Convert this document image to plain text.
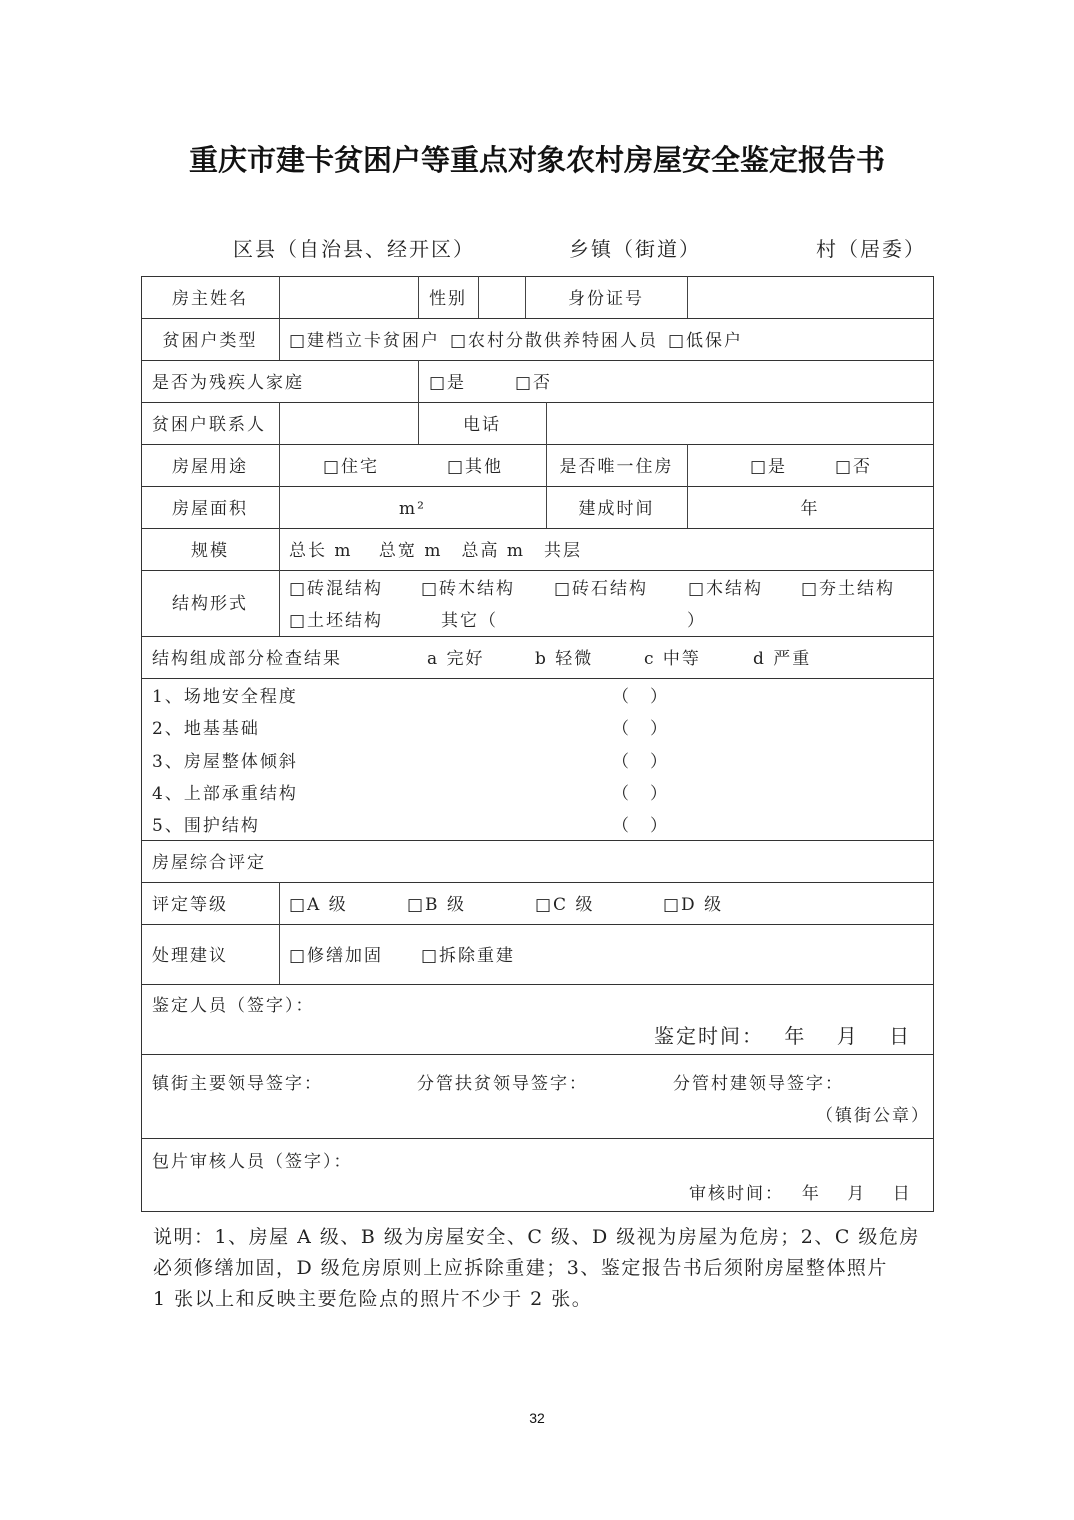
重庆市建卡贫困户等重点对象农村房屋安全鉴定报告书
区县（自治县、经开区）	乡镇（街道）	村（居委）
房主姓名	性别	身份证号
贫困户类型	□建档立卡贫困户 □农村分散供养特困人员 □低保户
是否为残疾人家庭	□是	□否
贫困户联系人	电话
房屋用途	□住宅	□其他	是否唯一住房	□是	□否
房屋面积	m²	建成时间	年
规模	总长 m　 总宽 m　总高 m　共层
结构形式
□砖混结构 □砖木结构 □砖石结构 □木结构 □夯土结构
□土坯结构	其它（	）
结构组成部分检查结果	a 完好	b 轻微	c 中等	d 严重
1、场地安全程度	（　）
2、地基基础	（　）
3、房屋整体倾斜	（　）
4、上部承重结构	（　）
5、围护结构	（　）
房屋综合评定
评定等级	□A 级	□B 级	□C 级	□D 级
处理建议	□修缮加固 □拆除重建
鉴定人员（签字）：
鉴定时间：　 年　 月　 日
镇街主要领导签字：	分管扶贫领导签字：	分管村建领导签字：
（镇街公章）
包片审核人员（签字）：
审核时间：　 年　 月　 日
说明：1、房屋 A 级、B 级为房屋安全、C 级、D 级视为房屋为危房；2、C 级危房
必须修缮加固，D 级危房原则上应拆除重建；3、鉴定报告书后须附房屋整体照片
1 张以上和反映主要危险点的照片不少于 2 张。
32
